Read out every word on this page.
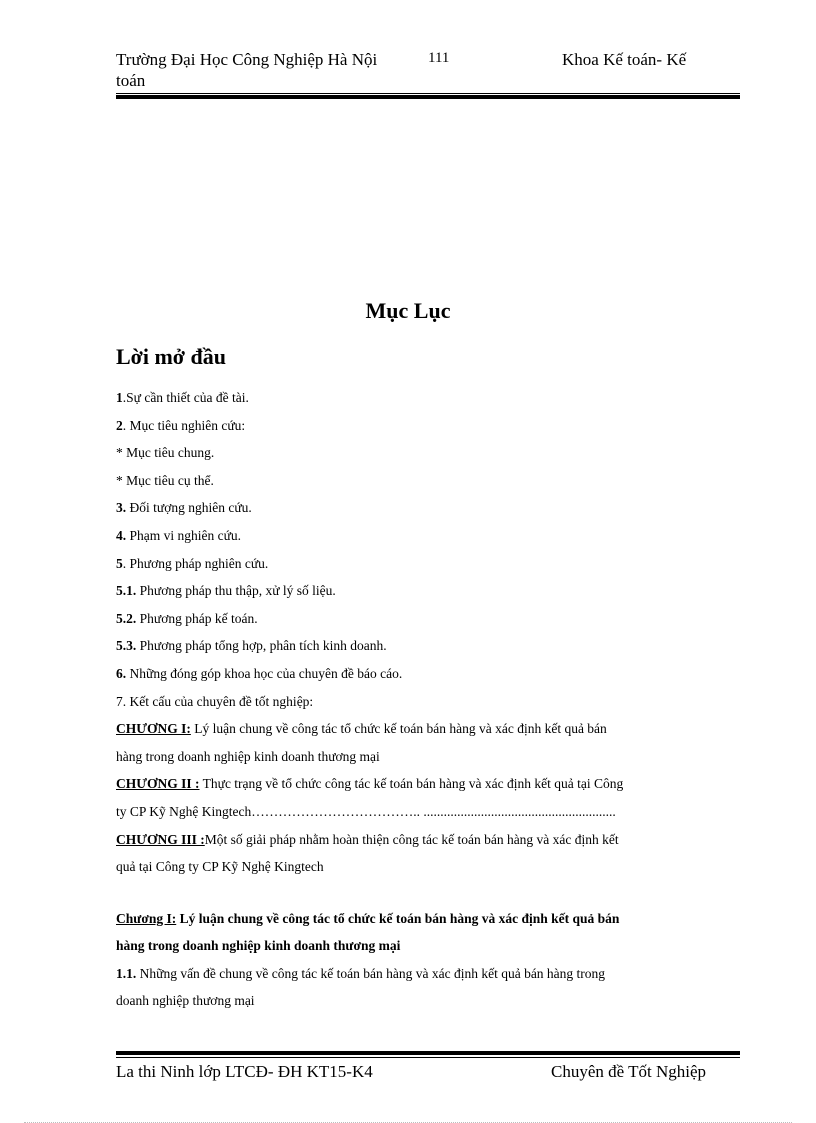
Trường Đại Học Công Nghiệp Hà Nội	111	Khoa Kế toán- Kế
toán
Mục Lục
Lời mở đầu
1.Sự cần thiết của đề tài.
2. Mục tiêu nghiên cứu:
* Mục tiêu chung.
* Mục tiêu cụ thể.
3. Đối tượng nghiên cứu.
4. Phạm vi nghiên cứu.
5. Phương pháp nghiên cứu.
5.1. Phương pháp thu thập, xử lý số liệu.
5.2. Phương pháp kế toán.
5.3. Phương pháp tổng hợp, phân tích kinh doanh.
6. Những đóng góp khoa học của chuyên đề báo cáo.
7. Kết cấu của chuyên đề tốt nghiệp:
CHƯƠNG I: Lý luận chung về công tác tổ chức kế toán bán hàng và xác định kết quả bán
hàng trong doanh nghiệp kinh doanh thương mại
CHƯƠNG II : Thực trạng về tổ chức công tác kế toán bán hàng và xác định kết quả tại Công
ty CP Kỹ Nghệ Kingtech……………………………….. .........................................................
CHƯƠNG III :Một số giải pháp nhằm hoàn thiện công tác kế toán bán hàng và xác định kết
quả tại Công ty CP Kỹ Nghệ Kingtech
Chương I: Lý luận chung về công tác tổ chức kế toán bán hàng và xác định kết quả bán
hàng trong doanh nghiệp kinh doanh thương mại
1.1. Những vấn đề chung về công tác kế toán bán hàng và xác định kết quả bán hàng trong
doanh nghiệp thương mại
La thi Ninh lớp LTCĐ- ĐH KT15-K4	Chuyên đề Tốt Nghiệp
